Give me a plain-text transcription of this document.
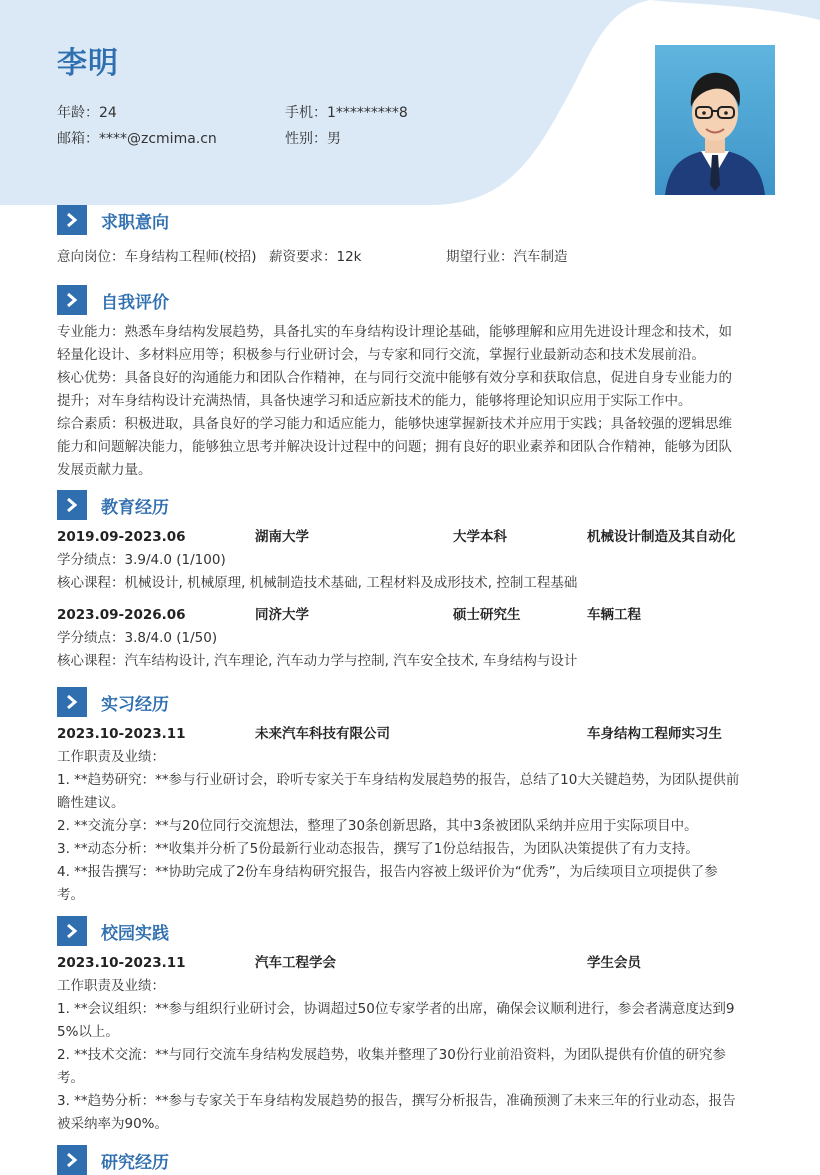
李明
年龄：24	手机：1*********8
邮箱：****@zcmima.cn	性别：男
求职意向
意向岗位：车身结构工程师(校招) 薪资要求：12k	期望行业：汽车制造
自我评价
专业能力：熟悉车身结构发展趋势，具备扎实的车身结构设计理论基础，能够理解和应用先进设计理念和技术，如
轻量化设计、多材料应用等；积极参与行业研讨会，与专家和同行交流，掌握行业最新动态和技术发展前沿。
核心优势：具备良好的沟通能力和团队合作精神，在与同行交流中能够有效分享和获取信息，促进自身专业能力的
提升；对车身结构设计充满热情，具备快速学习和适应新技术的能力，能够将理论知识应用于实际工作中。
综合素质：积极进取，具备良好的学习能力和适应能力，能够快速掌握新技术并应用于实践；具备较强的逻辑思维
能力和问题解决能力，能够独立思考并解决设计过程中的问题；拥有良好的职业素养和团队合作精神，能够为团队
发展贡献力量。
教育经历
2019.09-2023.06	湖南大学	大学本科	机械设计制造及其自动化
学分绩点：3.9/4.0 (1/100)
核心课程：机械设计, 机械原理, 机械制造技术基础, 工程材料及成形技术, 控制工程基础
2023.09-2026.06	同济大学	硕士研究生	车辆工程
学分绩点：3.8/4.0 (1/50)
核心课程：汽车结构设计, 汽车理论, 汽车动力学与控制, 汽车安全技术, 车身结构与设计
实习经历
2023.10-2023.11	未来汽车科技有限公司	车身结构工程师实习生
工作职责及业绩：
1. **趋势研究：**参与行业研讨会，聆听专家关于车身结构发展趋势的报告，总结了10大关键趋势，为团队提供前
瞻性建议。
2. **交流分享：**与20位同行交流想法，整理了30条创新思路，其中3条被团队采纳并应用于实际项目中。
3. **动态分析：**收集并分析了5份最新行业动态报告，撰写了1份总结报告，为团队决策提供了有力支持。
4. **报告撰写：**协助完成了2份车身结构研究报告，报告内容被上级评价为“优秀”，为后续项目立项提供了参
考。
校园实践
2023.10-2023.11	汽车工程学会	学生会员
工作职责及业绩：
1. **会议组织：**参与组织行业研讨会，协调超过50位专家学者的出席，确保会议顺利进行，参会者满意度达到9
5%以上。
2. **技术交流：**与同行交流车身结构发展趋势，收集并整理了30份行业前沿资料，为团队提供有价值的研究参
考。
3. **趋势分析：**参与专家关于车身结构发展趋势的报告，撰写分析报告，准确预测了未来三年的行业动态，报告
被采纳率为90%。
研究经历
